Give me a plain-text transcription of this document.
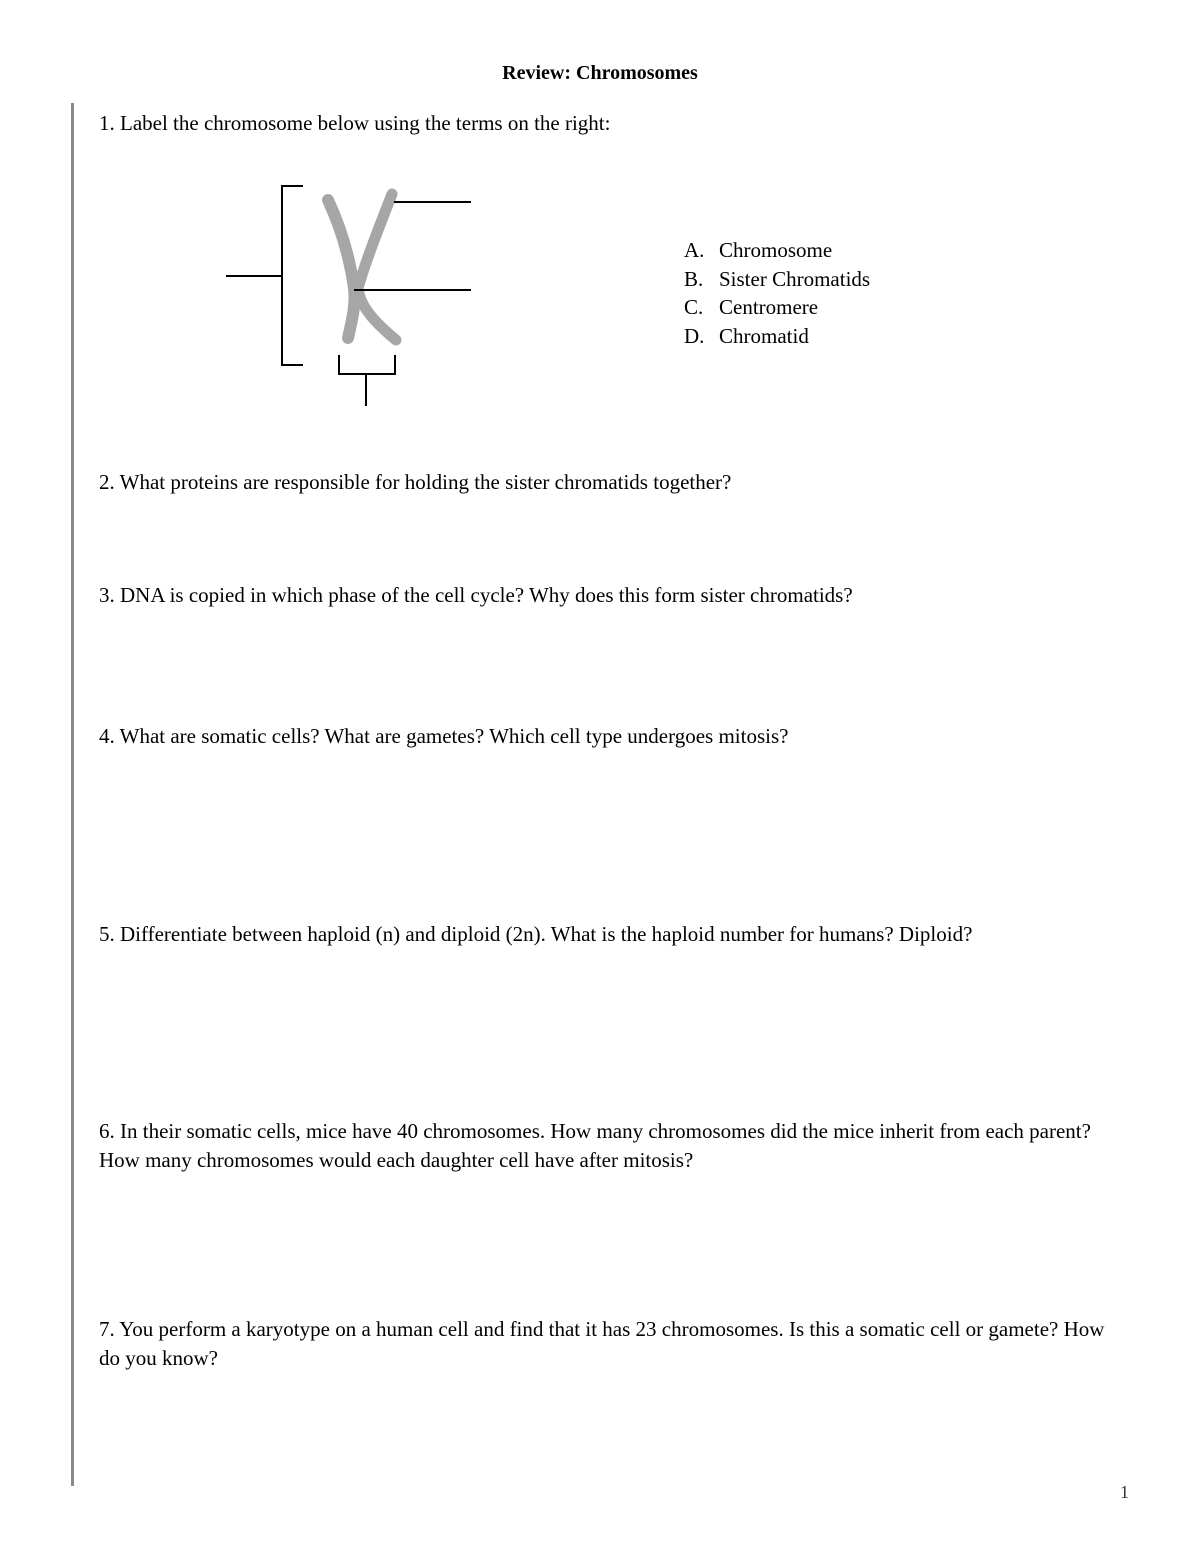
Review: Chromosomes
1. Label the chromosome below using the terms on the right:
A. Chromosome
B. Sister Chromatids
C. Centromere
D. Chromatid
2. What proteins are responsible for holding the sister chromatids together?
3. DNA is copied in which phase of the cell cycle? Why does this form sister chromatids?
4. What are somatic cells? What are gametes? Which cell type undergoes mitosis?
5. Differentiate between haploid (n) and diploid (2n). What is the haploid number for humans? Diploid?
6. In their somatic cells, mice have 40 chromosomes. How many chromosomes did the mice inherit from each parent? How many chromosomes would each daughter cell have after mitosis?
7. You perform a karyotype on a human cell and find that it has 23 chromosomes. Is this a somatic cell or gamete? How do you know?
1
